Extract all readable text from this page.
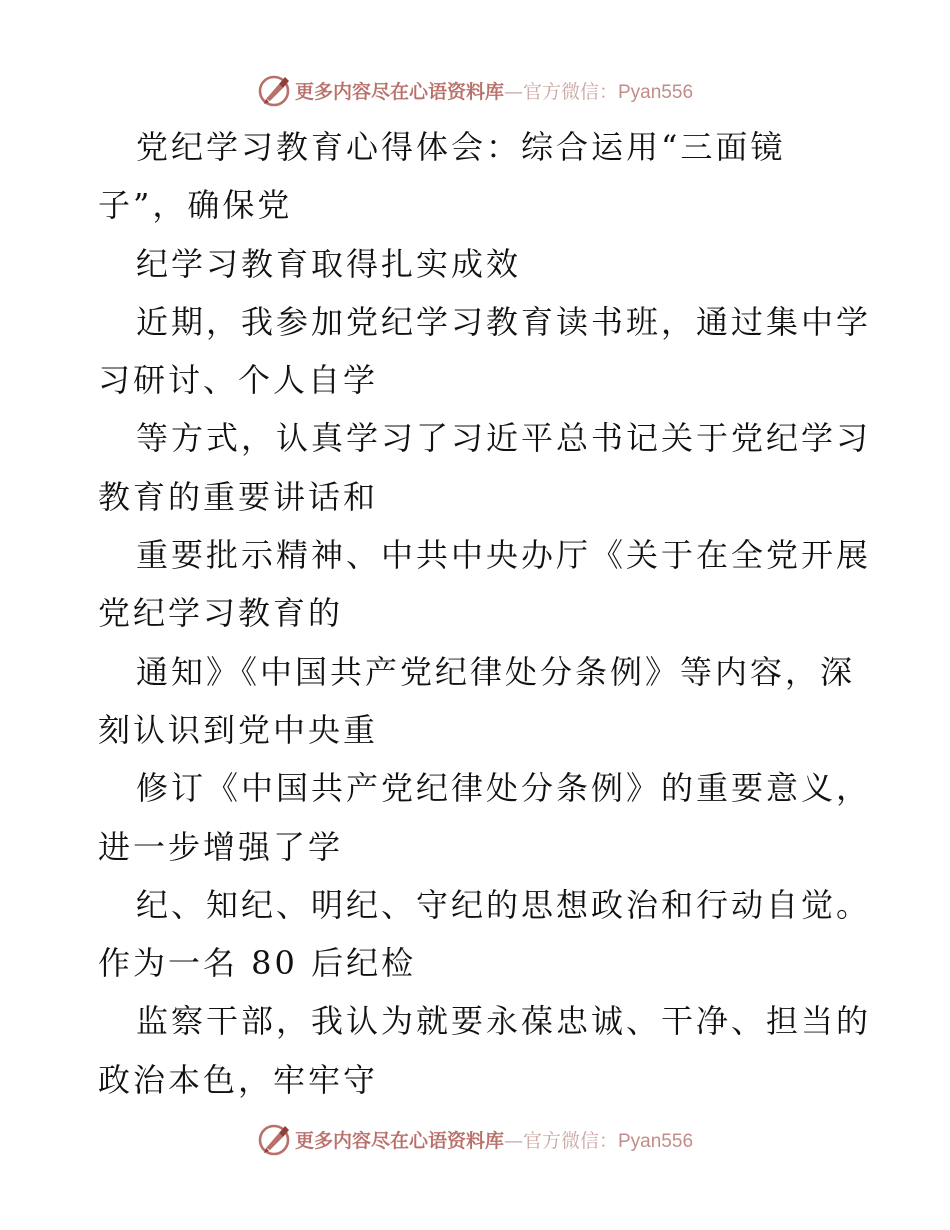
更多内容尽在心语资料库—官方微信：Pyan556
党纪学习教育心得体会：综合运用“三面镜
子”，确保党
纪学习教育取得扎实成效
近期，我参加党纪学习教育读书班，通过集中学
习研讨、个人自学
等方式，认真学习了习近平总书记关于党纪学习
教育的重要讲话和
重要批示精神、中共中央办厅《关于在全党开展
党纪学习教育的
通知》《中国共产党纪律处分条例》等内容，深
刻认识到党中央重
修订《中国共产党纪律处分条例》的重要意义，
进一步增强了学
纪、知纪、明纪、守纪的思想政治和行动自觉。
作为一名 80 后纪检
监察干部，我认为就要永葆忠诚、干净、担当的
政治本色，牢牢守
更多内容尽在心语资料库—官方微信：Pyan556
